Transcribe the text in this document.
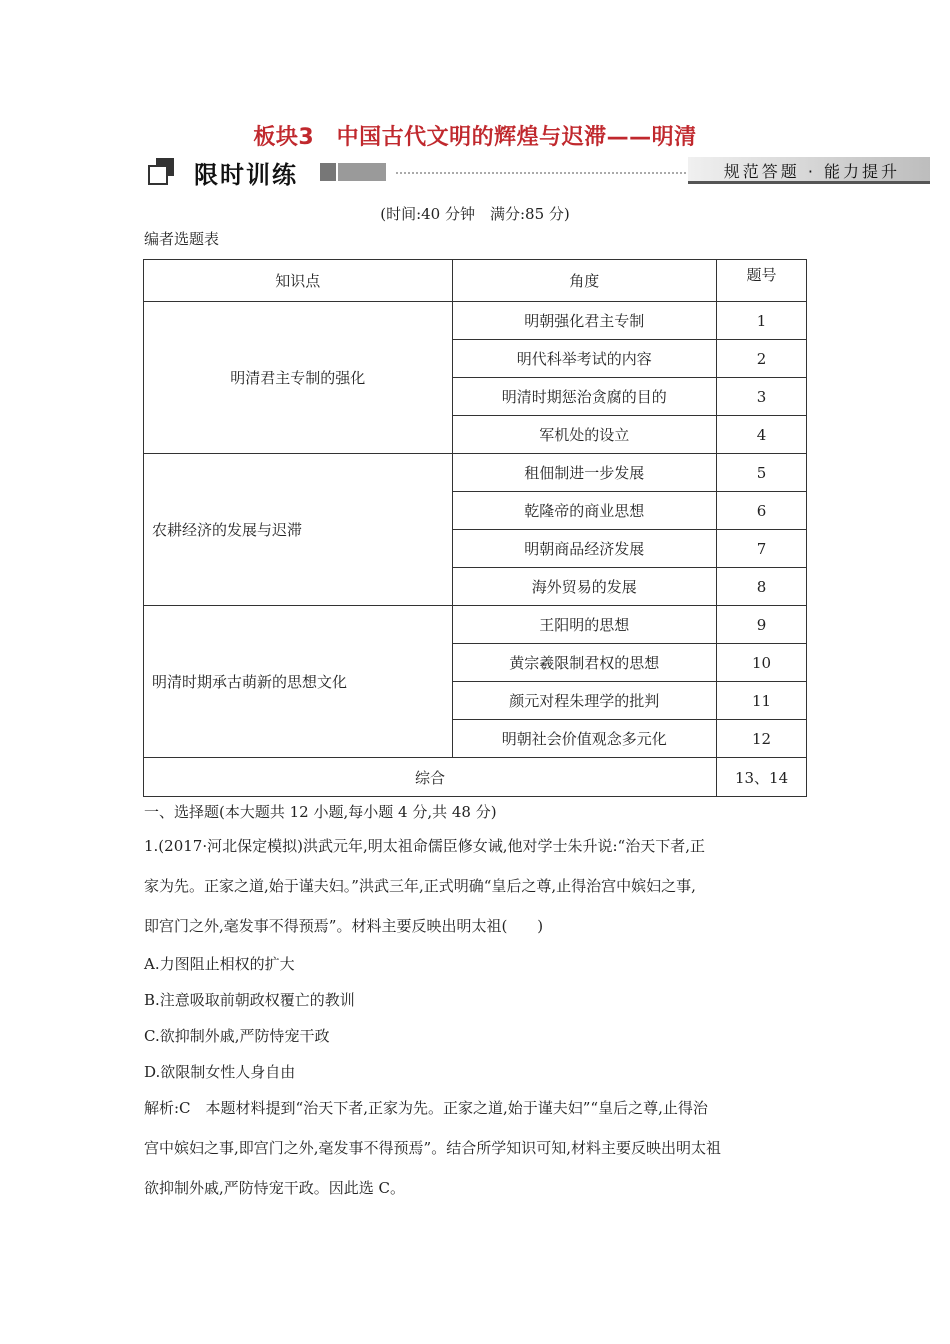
板块3　中国古代文明的辉煌与迟滞——明清
限时训练	规范答题 · 能力提升
(时间:40 分钟　满分:85 分)
编者选题表
知识点	角度	题号
明清君主专制的强化	明朝强化君主专制	1
	明代科举考试的内容	2
	明清时期惩治贪腐的目的	3
	军机处的设立	4
农耕经济的发展与迟滞	租佃制进一步发展	5
	乾隆帝的商业思想	6
	明朝商品经济发展	7
	海外贸易的发展	8
明清时期承古萌新的思想文化	王阳明的思想	9
	黄宗羲限制君权的思想	10
	颜元对程朱理学的批判	11
	明朝社会价值观念多元化	12
综合		13、14
一、选择题(本大题共 12 小题,每小题 4 分,共 48 分)
1.(2017·河北保定模拟)洪武元年,明太祖命儒臣修女诫,他对学士朱升说:“治天下者,正
家为先。正家之道,始于谨夫妇。”洪武三年,正式明确“皇后之尊,止得治宫中嫔妇之事,
即宫门之外,毫发事不得预焉”。材料主要反映出明太祖(　　)
A.力图阻止相权的扩大
B.注意吸取前朝政权覆亡的教训
C.欲抑制外戚,严防恃宠干政
D.欲限制女性人身自由
解析:C　本题材料提到“治天下者,正家为先。正家之道,始于谨夫妇”“皇后之尊,止得治
宫中嫔妇之事,即宫门之外,毫发事不得预焉”。结合所学知识可知,材料主要反映出明太祖
欲抑制外戚,严防恃宠干政。因此选 C。
